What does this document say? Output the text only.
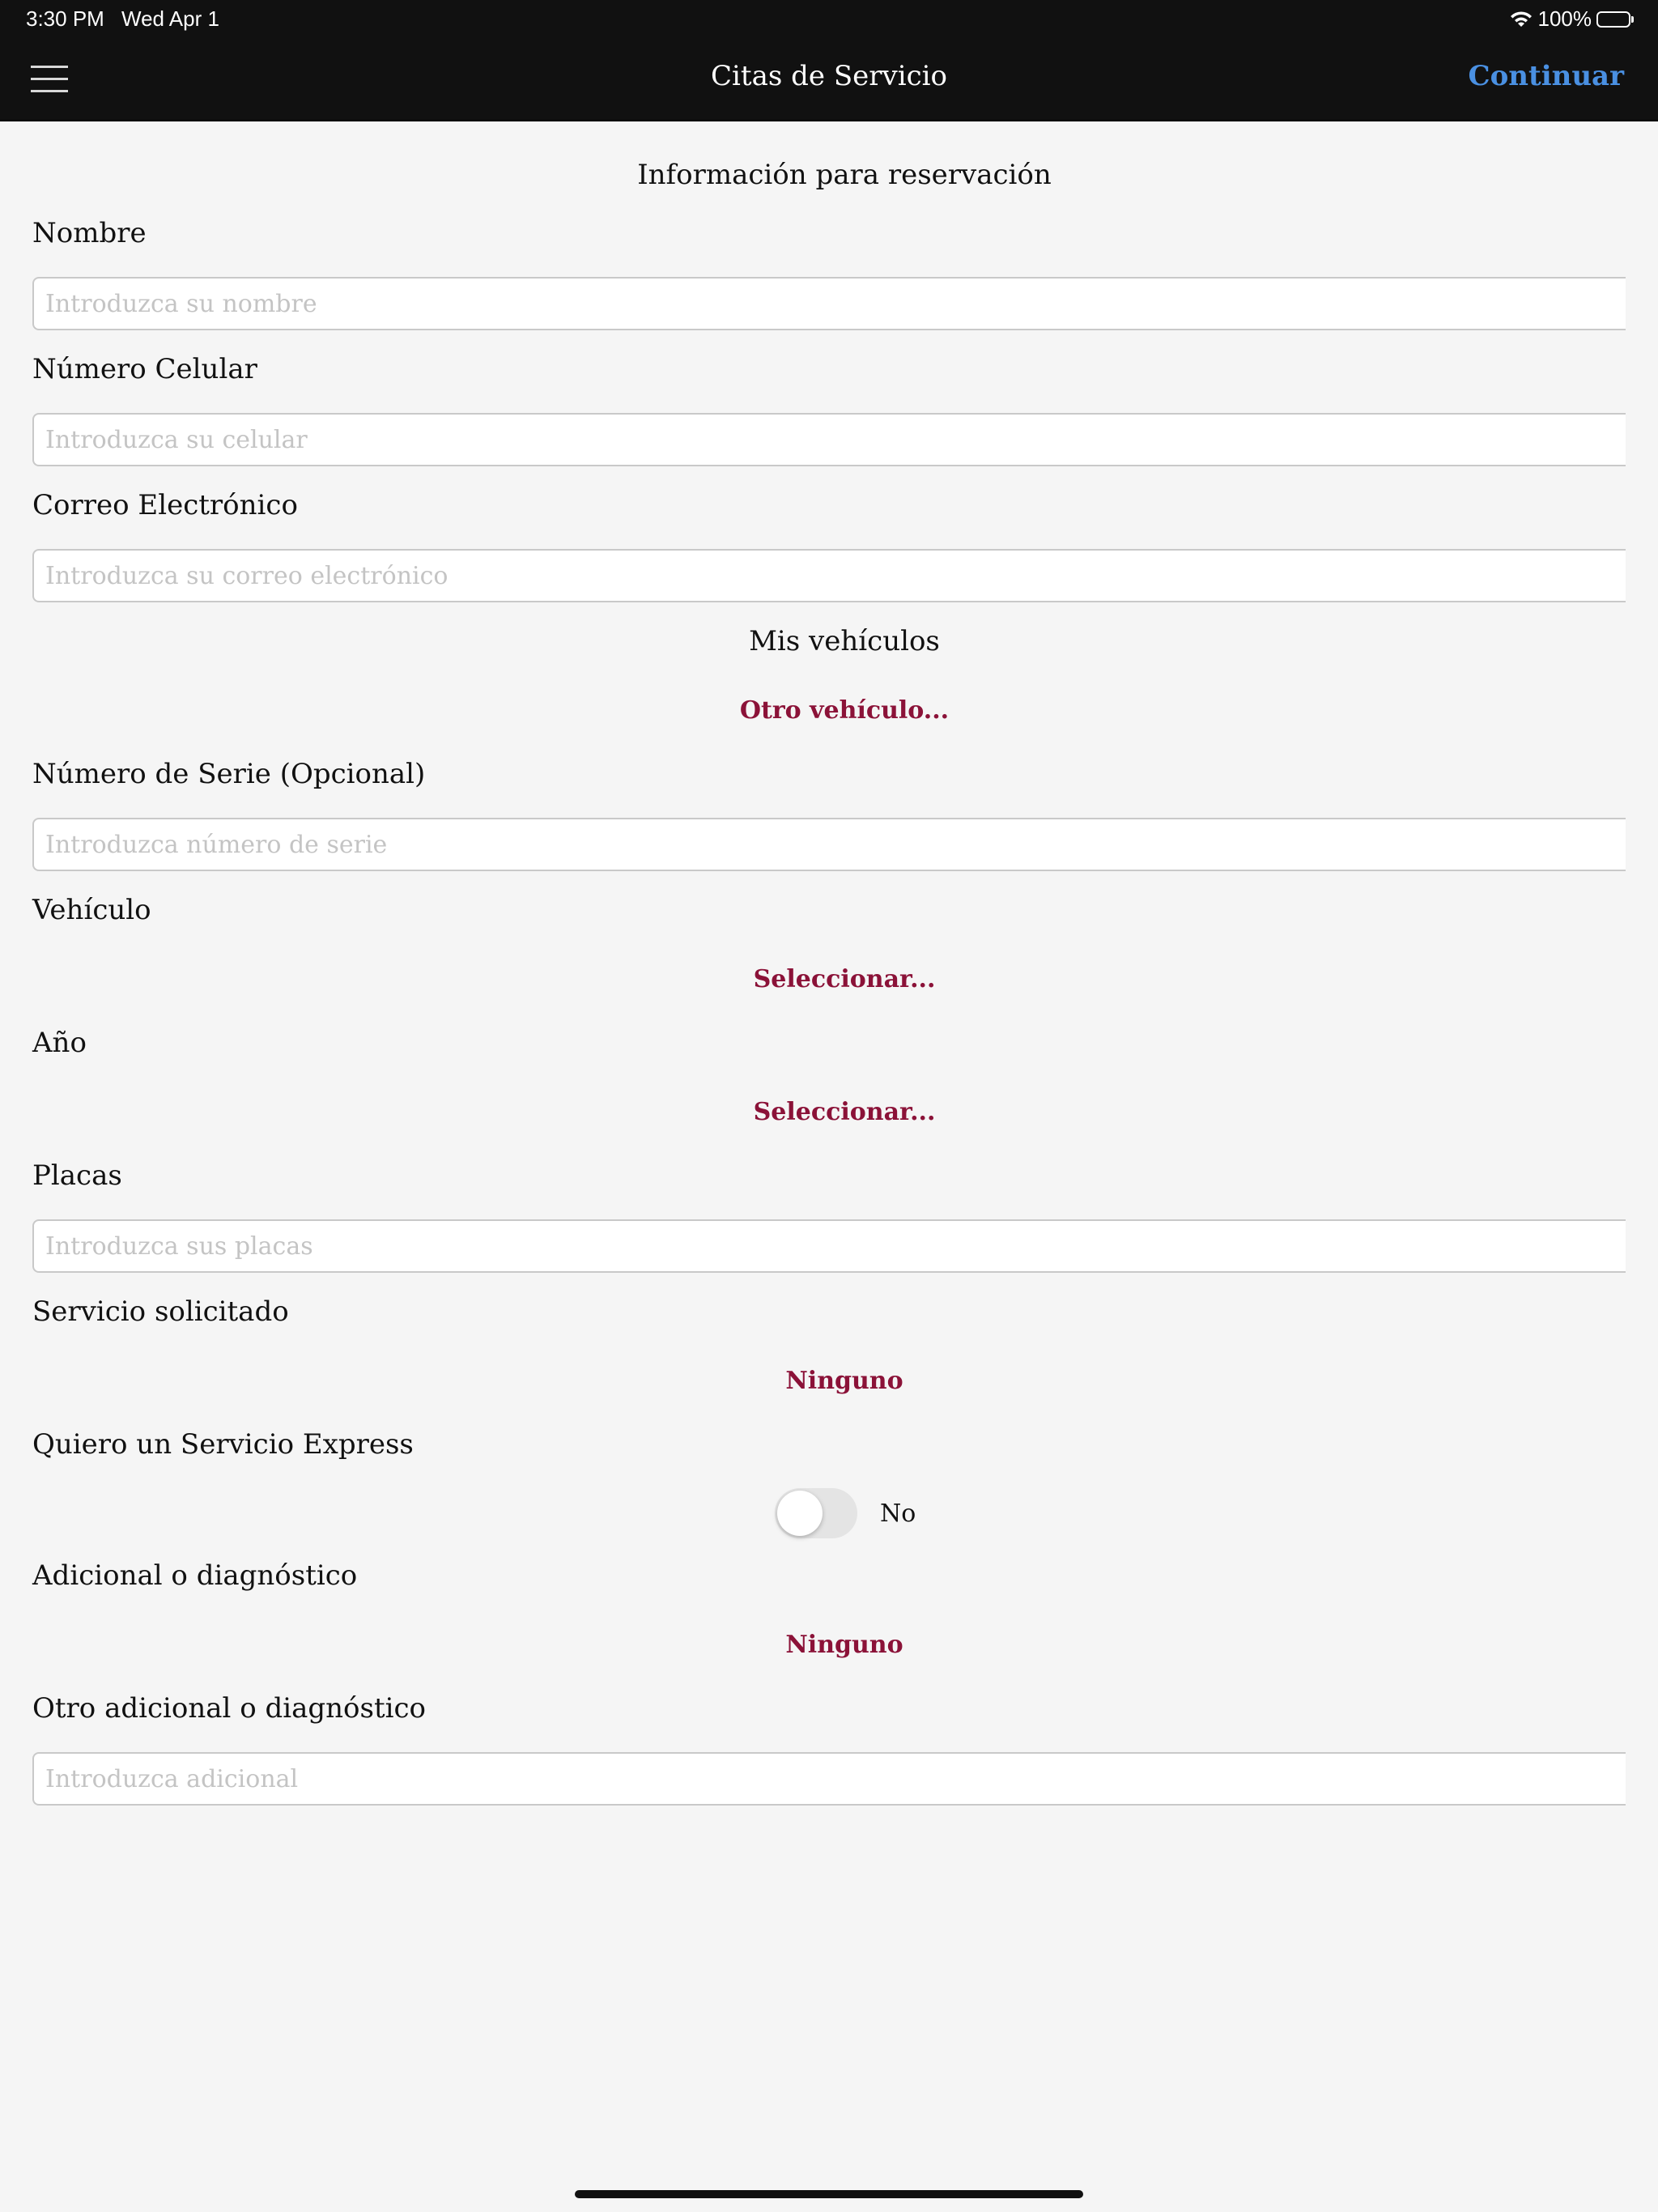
3:30 PM Wed Apr 1	100%
Citas de Servicio	Continuar
Información para reservación
Nombre
Introduzca su nombre
Número Celular
Introduzca su celular
Correo Electrónico
Introduzca su correo electrónico
Mis vehículos
Otro vehículo...
Número de Serie (Opcional)
Introduzca número de serie
Vehículo
Seleccionar...
Año
Seleccionar...
Placas
Introduzca sus placas
Servicio solicitado
Ninguno
Quiero un Servicio Express
No
Adicional o diagnóstico
Ninguno
Otro adicional o diagnóstico
Introduzca adicional
